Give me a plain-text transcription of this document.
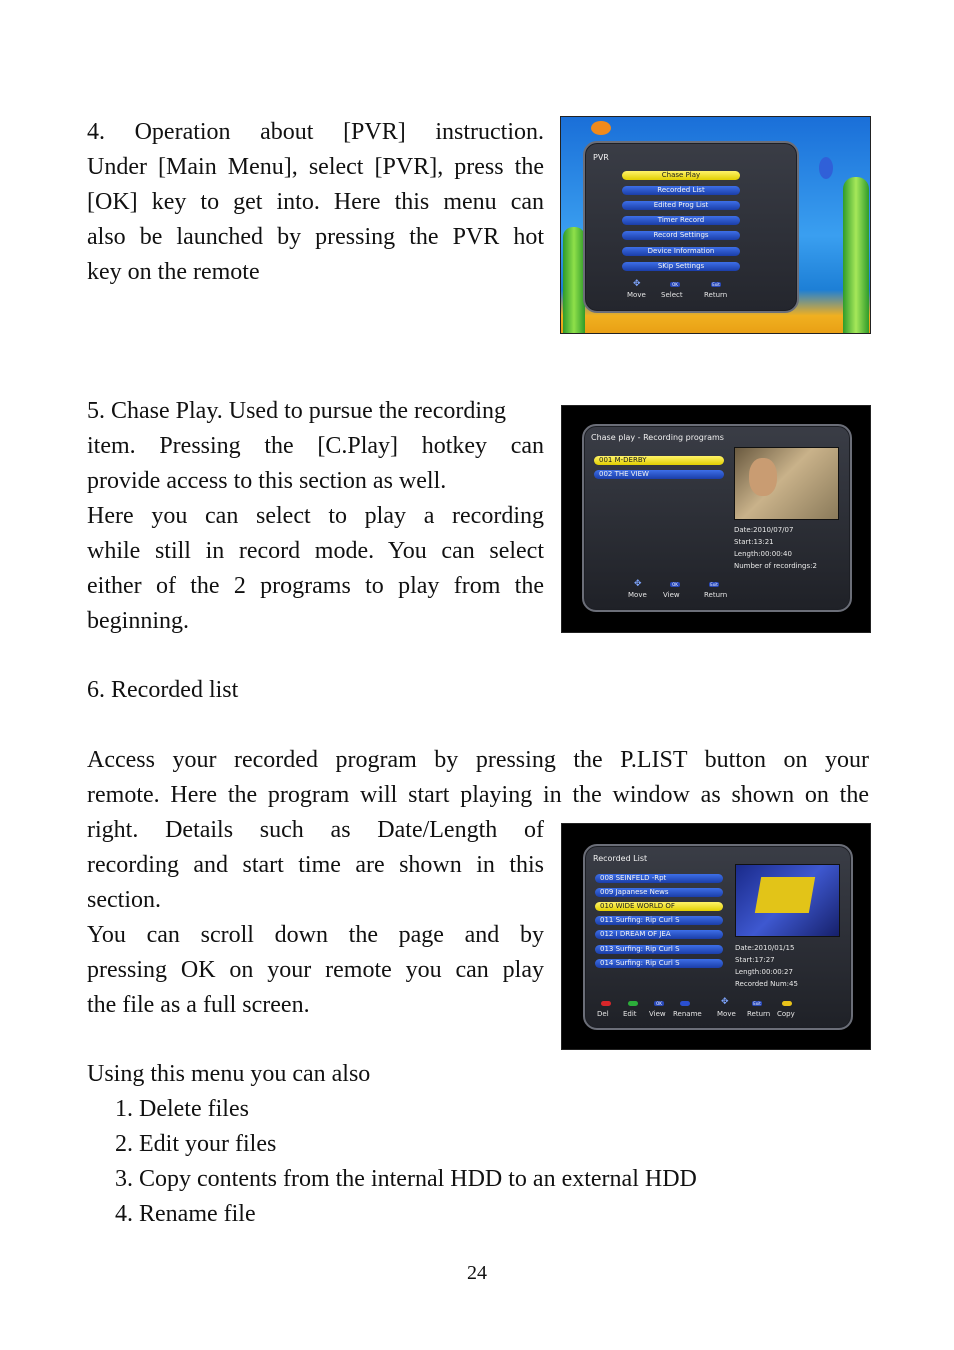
4. Operation about [PVR] instruction.

Under [Main Menu], select [PVR], press the

[OK] key to get into. Here this menu can

also be launched by pressing the PVR hot

key on the remote

PVR
Chase Play
Recorded List
Edited Prog List
Timer Record
Record Settings
Device Information
SKip Settings
✥	OK	Exit
Move Select	Return

5. Chase Play. Used to pursue the recording

item. Pressing the [C.Play] hotkey can

provide access to this section as well.

Here you can select to play a recording

while still in record mode. You can select

either of the 2 programs to play from the

beginning.

Chase play - Recording programs
001 M-DERBY
002 THE VIEW
Date:2010/07/07
Start:13:21
Length:00:00:40
Number of recordings:2
✥	OK	Exit
Move View	Return
6. Recorded list

Access your recorded program by pressing the P.LIST button on your

remote. Here the program will start playing in the window as shown on the

right. Details such as Date/Length of

recording and start time are shown in this

section.

You can scroll down the page and by

pressing OK on your remote you can play

the file as a full screen.

Recorded List
008 SEINFELD -Rpt
009 Japanese News
010 WIDE WORLD OF
011 Surfing: Rip Curl S
012 I DREAM OF JEA
013 Surfing: Rip Curl S
014 Surfing: Rip Curl S
Date:2010/01/15
Start:17:27
Length:00:00:27
Recorded Num:45
OK	✥	Exit
Del Edit View Rename Move Return Copy
Using this menu you can also
1. Delete files
2. Edit your files
3. Copy contents from the internal HDD to an external HDD
4. Rename file
24
